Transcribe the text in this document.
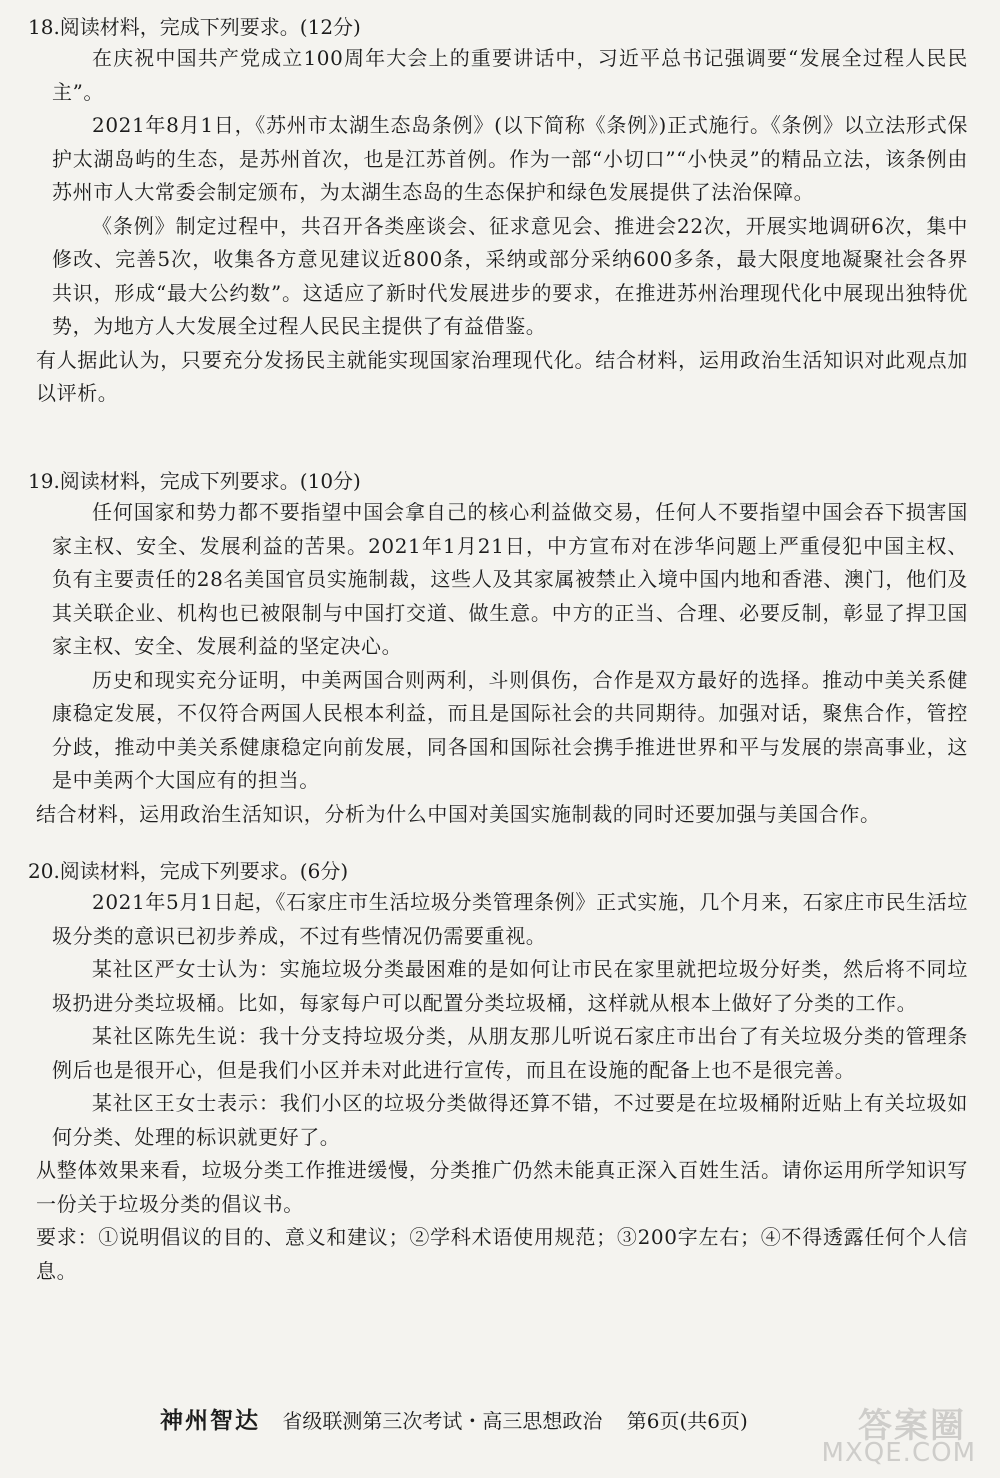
18.阅读材料，完成下列要求。(12分)

在庆祝中国共产党成立100周年大会上的重要讲话中，习近平总书记强调要“发展全过程人民民主”。

2021年8月1日，《苏州市太湖生态岛条例》(以下简称《条例》)正式施行。《条例》以立法形式保护太湖岛屿的生态，是苏州首次，也是江苏首例。作为一部“小切口”“小快灵”的精品立法，该条例由苏州市人大常委会制定颁布，为太湖生态岛的生态保护和绿色发展提供了法治保障。

《条例》制定过程中，共召开各类座谈会、征求意见会、推进会22次，开展实地调研6次，集中修改、完善5次，收集各方意见建议近800条，采纳或部分采纳600多条，最大限度地凝聚社会各界共识，形成“最大公约数”。这适应了新时代发展进步的要求，在推进苏州治理现代化中展现出独特优势，为地方人大发展全过程人民民主提供了有益借鉴。

有人据此认为，只要充分发扬民主就能实现国家治理现代化。结合材料，运用政治生活知识对此观点加以评析。

19.阅读材料，完成下列要求。(10分)

任何国家和势力都不要指望中国会拿自己的核心利益做交易，任何人不要指望中国会吞下损害国家主权、安全、发展利益的苦果。2021年1月21日，中方宣布对在涉华问题上严重侵犯中国主权、负有主要责任的28名美国官员实施制裁，这些人及其家属被禁止入境中国内地和香港、澳门，他们及其关联企业、机构也已被限制与中国打交道、做生意。中方的正当、合理、必要反制，彰显了捍卫国家主权、安全、发展利益的坚定决心。

历史和现实充分证明，中美两国合则两利，斗则俱伤，合作是双方最好的选择。推动中美关系健康稳定发展，不仅符合两国人民根本利益，而且是国际社会的共同期待。加强对话，聚焦合作，管控分歧，推动中美关系健康稳定向前发展，同各国和国际社会携手推进世界和平与发展的崇高事业，这是中美两个大国应有的担当。

结合材料，运用政治生活知识，分析为什么中国对美国实施制裁的同时还要加强与美国合作。

20.阅读材料，完成下列要求。(6分)

2021年5月1日起，《石家庄市生活垃圾分类管理条例》正式实施，几个月来，石家庄市民生活垃圾分类的意识已初步养成，不过有些情况仍需要重视。

某社区严女士认为：实施垃圾分类最困难的是如何让市民在家里就把垃圾分好类，然后将不同垃圾扔进分类垃圾桶。比如，每家每户可以配置分类垃圾桶，这样就从根本上做好了分类的工作。

某社区陈先生说：我十分支持垃圾分类，从朋友那儿听说石家庄市出台了有关垃圾分类的管理条例后也是很开心，但是我们小区并未对此进行宣传，而且在设施的配备上也不是很完善。

某社区王女士表示：我们小区的垃圾分类做得还算不错，不过要是在垃圾桶附近贴上有关垃圾如何分类、处理的标识就更好了。

从整体效果来看，垃圾分类工作推进缓慢，分类推广仍然未能真正深入百姓生活。请你运用所学知识写一份关于垃圾分类的倡议书。

要求：①说明倡议的目的、意义和建议；②学科术语使用规范；③200字左右；④不得透露任何个人信息。

神州智达 省级联测第三次考试・高三思想政治 第6页(共6页)	答案圈
MXQE.COM
